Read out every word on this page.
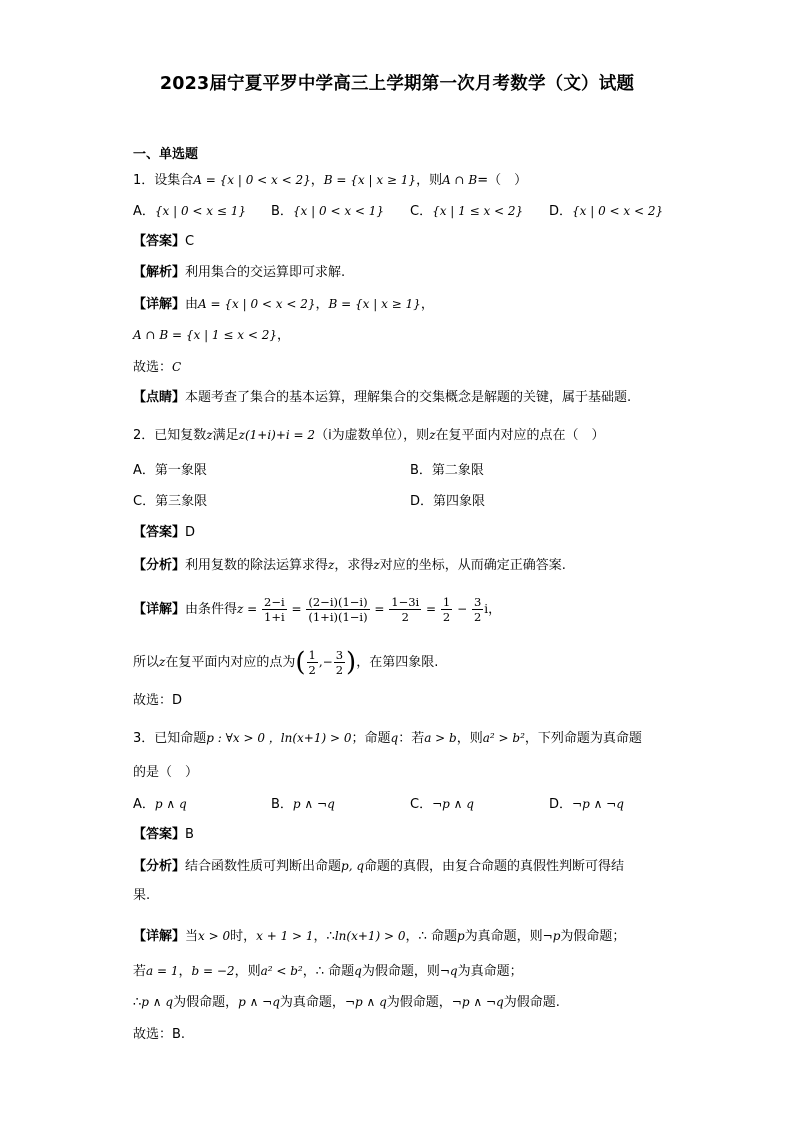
2023届宁夏平罗中学高三上学期第一次月考数学（文）试题
一、单选题
1．设集合A = {x | 0 < x < 2}，B = {x | x ≥ 1}，则A ∩ B=（　）
A．{x | 0 < x ≤ 1} B．{x | 0 < x < 1} C．{x | 1 ≤ x < 2} D．{x | 0 < x < 2}
【答案】C
【解析】利用集合的交运算即可求解.
【详解】由A = {x | 0 < x < 2}，B = {x | x ≥ 1}，
A ∩ B = {x | 1 ≤ x < 2}，
故选：C
【点睛】本题考查了集合的基本运算，理解集合的交集概念是解题的关键，属于基础题.
2．已知复数z满足z(1+i)+i = 2（i为虚数单位），则z在复平面内对应的点在（　）
A．第一象限	B．第二象限
C．第三象限	D．第四象限
【答案】D
【分析】利用复数的除法运算求得z，求得z对应的坐标，从而确定正确答案.
【详解】由条件得$z = \frac{2-i}{1+i} = \frac{(2-i)(1-i)}{(1+i)(1-i)} = \frac{1-3i}{2} = \frac{1}{2} - \frac{3}{2}$ i，
所以z在复平面内对应的点为( $\frac{1}{2}$ ,− $\frac{3}{2}$ )，在第四象限.
故选：D
3．已知命题p : ∀x > 0 ，ln(x+1) > 0；命题q：若a > b，则a² > b²，下列命题为真命题
的是（　）
A．p ∧ q	B．p ∧ ¬q	C．¬p ∧ q	D．¬p ∧ ¬q
【答案】B
【分析】结合函数性质可判断出命题p, q命题的真假，由复合命题的真假性判断可得结
果.
【详解】当x > 0时，x + 1 > 1，∴ln(x+1) > 0，∴ 命题p为真命题，则¬p为假命题；
若a = 1，b = −2，则a² < b²，∴ 命题q为假命题，则¬q为真命题；
∴p ∧ q为假命题，p ∧ ¬q为真命题，¬p ∧ q为假命题，¬p ∧ ¬q为假命题.
故选：B.
